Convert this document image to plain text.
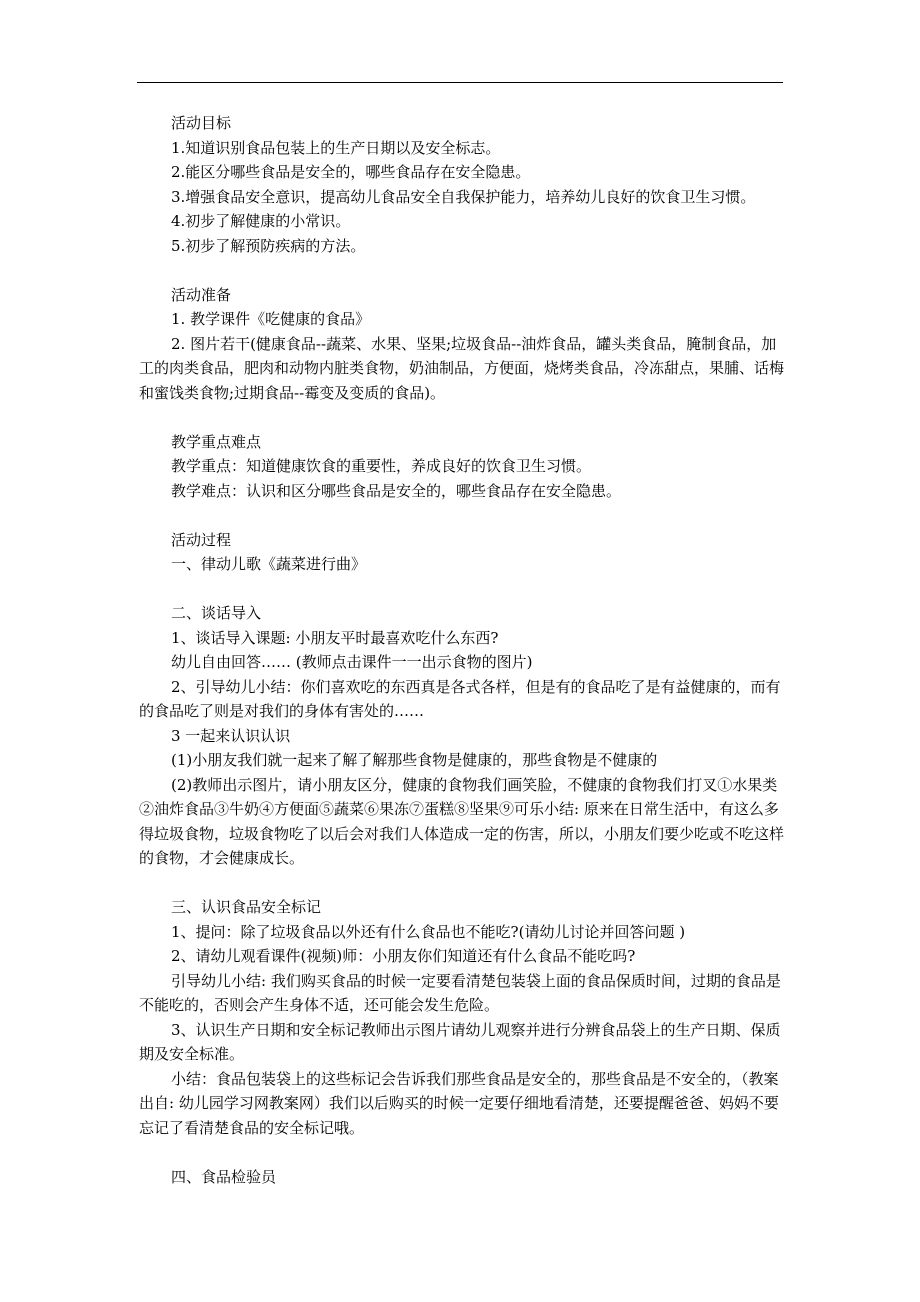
活动目标

1.知道识别食品包装上的生产日期以及安全标志。

2.能区分哪些食品是安全的，哪些食品存在安全隐患。

3.增强食品安全意识，提高幼儿食品安全自我保护能力，培养幼儿良好的饮食卫生习惯。

4.初步了解健康的小常识。

5.初步了解预防疾病的方法。

活动准备

1. 教学课件《吃健康的食品》

2. 图片若干(健康食品--蔬菜、水果、坚果;垃圾食品--油炸食品，罐头类食品，腌制食品，加工的肉类食品，肥肉和动物内脏类食物，奶油制品，方便面，烧烤类食品，冷冻甜点，果脯、话梅和蜜饯类食物;过期食品--霉变及变质的食品)。

教学重点难点

教学重点：知道健康饮食的重要性，养成良好的饮食卫生习惯。

教学难点：认识和区分哪些食品是安全的，哪些食品存在安全隐患。

活动过程

一、律动儿歌《蔬菜进行曲》

二、谈话导入

1、谈话导入课题: 小朋友平时最喜欢吃什么东西?

幼儿自由回答…… (教师点击课件一一出示食物的图片)

2、引导幼儿小结：你们喜欢吃的东西真是各式各样，但是有的食品吃了是有益健康的，而有的食品吃了则是对我们的身体有害处的……

3 一起来认识认识

(1)小朋友我们就一起来了解了解那些食物是健康的，那些食物是不健康的

(2)教师出示图片，请小朋友区分，健康的食物我们画笑脸，不健康的食物我们打叉①水果类②油炸食品③牛奶④方便面⑤蔬菜⑥果冻⑦蛋糕⑧坚果⑨可乐小结: 原来在日常生活中，有这么多得垃圾食物，垃圾食物吃了以后会对我们人体造成一定的伤害，所以，小朋友们要少吃或不吃这样的食物，才会健康成长。

三、认识食品安全标记

1、提问：除了垃圾食品以外还有什么食品也不能吃?(请幼儿讨论并回答问题 )

2、请幼儿观看课件(视频)师：小朋友你们知道还有什么食品不能吃吗?

引导幼儿小结: 我们购买食品的时候一定要看清楚包装袋上面的食品保质时间，过期的食品是不能吃的，否则会产生身体不适，还可能会发生危险。

3、认识生产日期和安全标记教师出示图片请幼儿观察并进行分辨食品袋上的生产日期、保质期及安全标准。

小结：食品包装袋上的这些标记会告诉我们那些食品是安全的，那些食品是不安全的，（教案出自: 幼儿园学习网教案网）我们以后购买的时候一定要仔细地看清楚，还要提醒爸爸、妈妈不要忘记了看清楚食品的安全标记哦。

四、食品检验员
